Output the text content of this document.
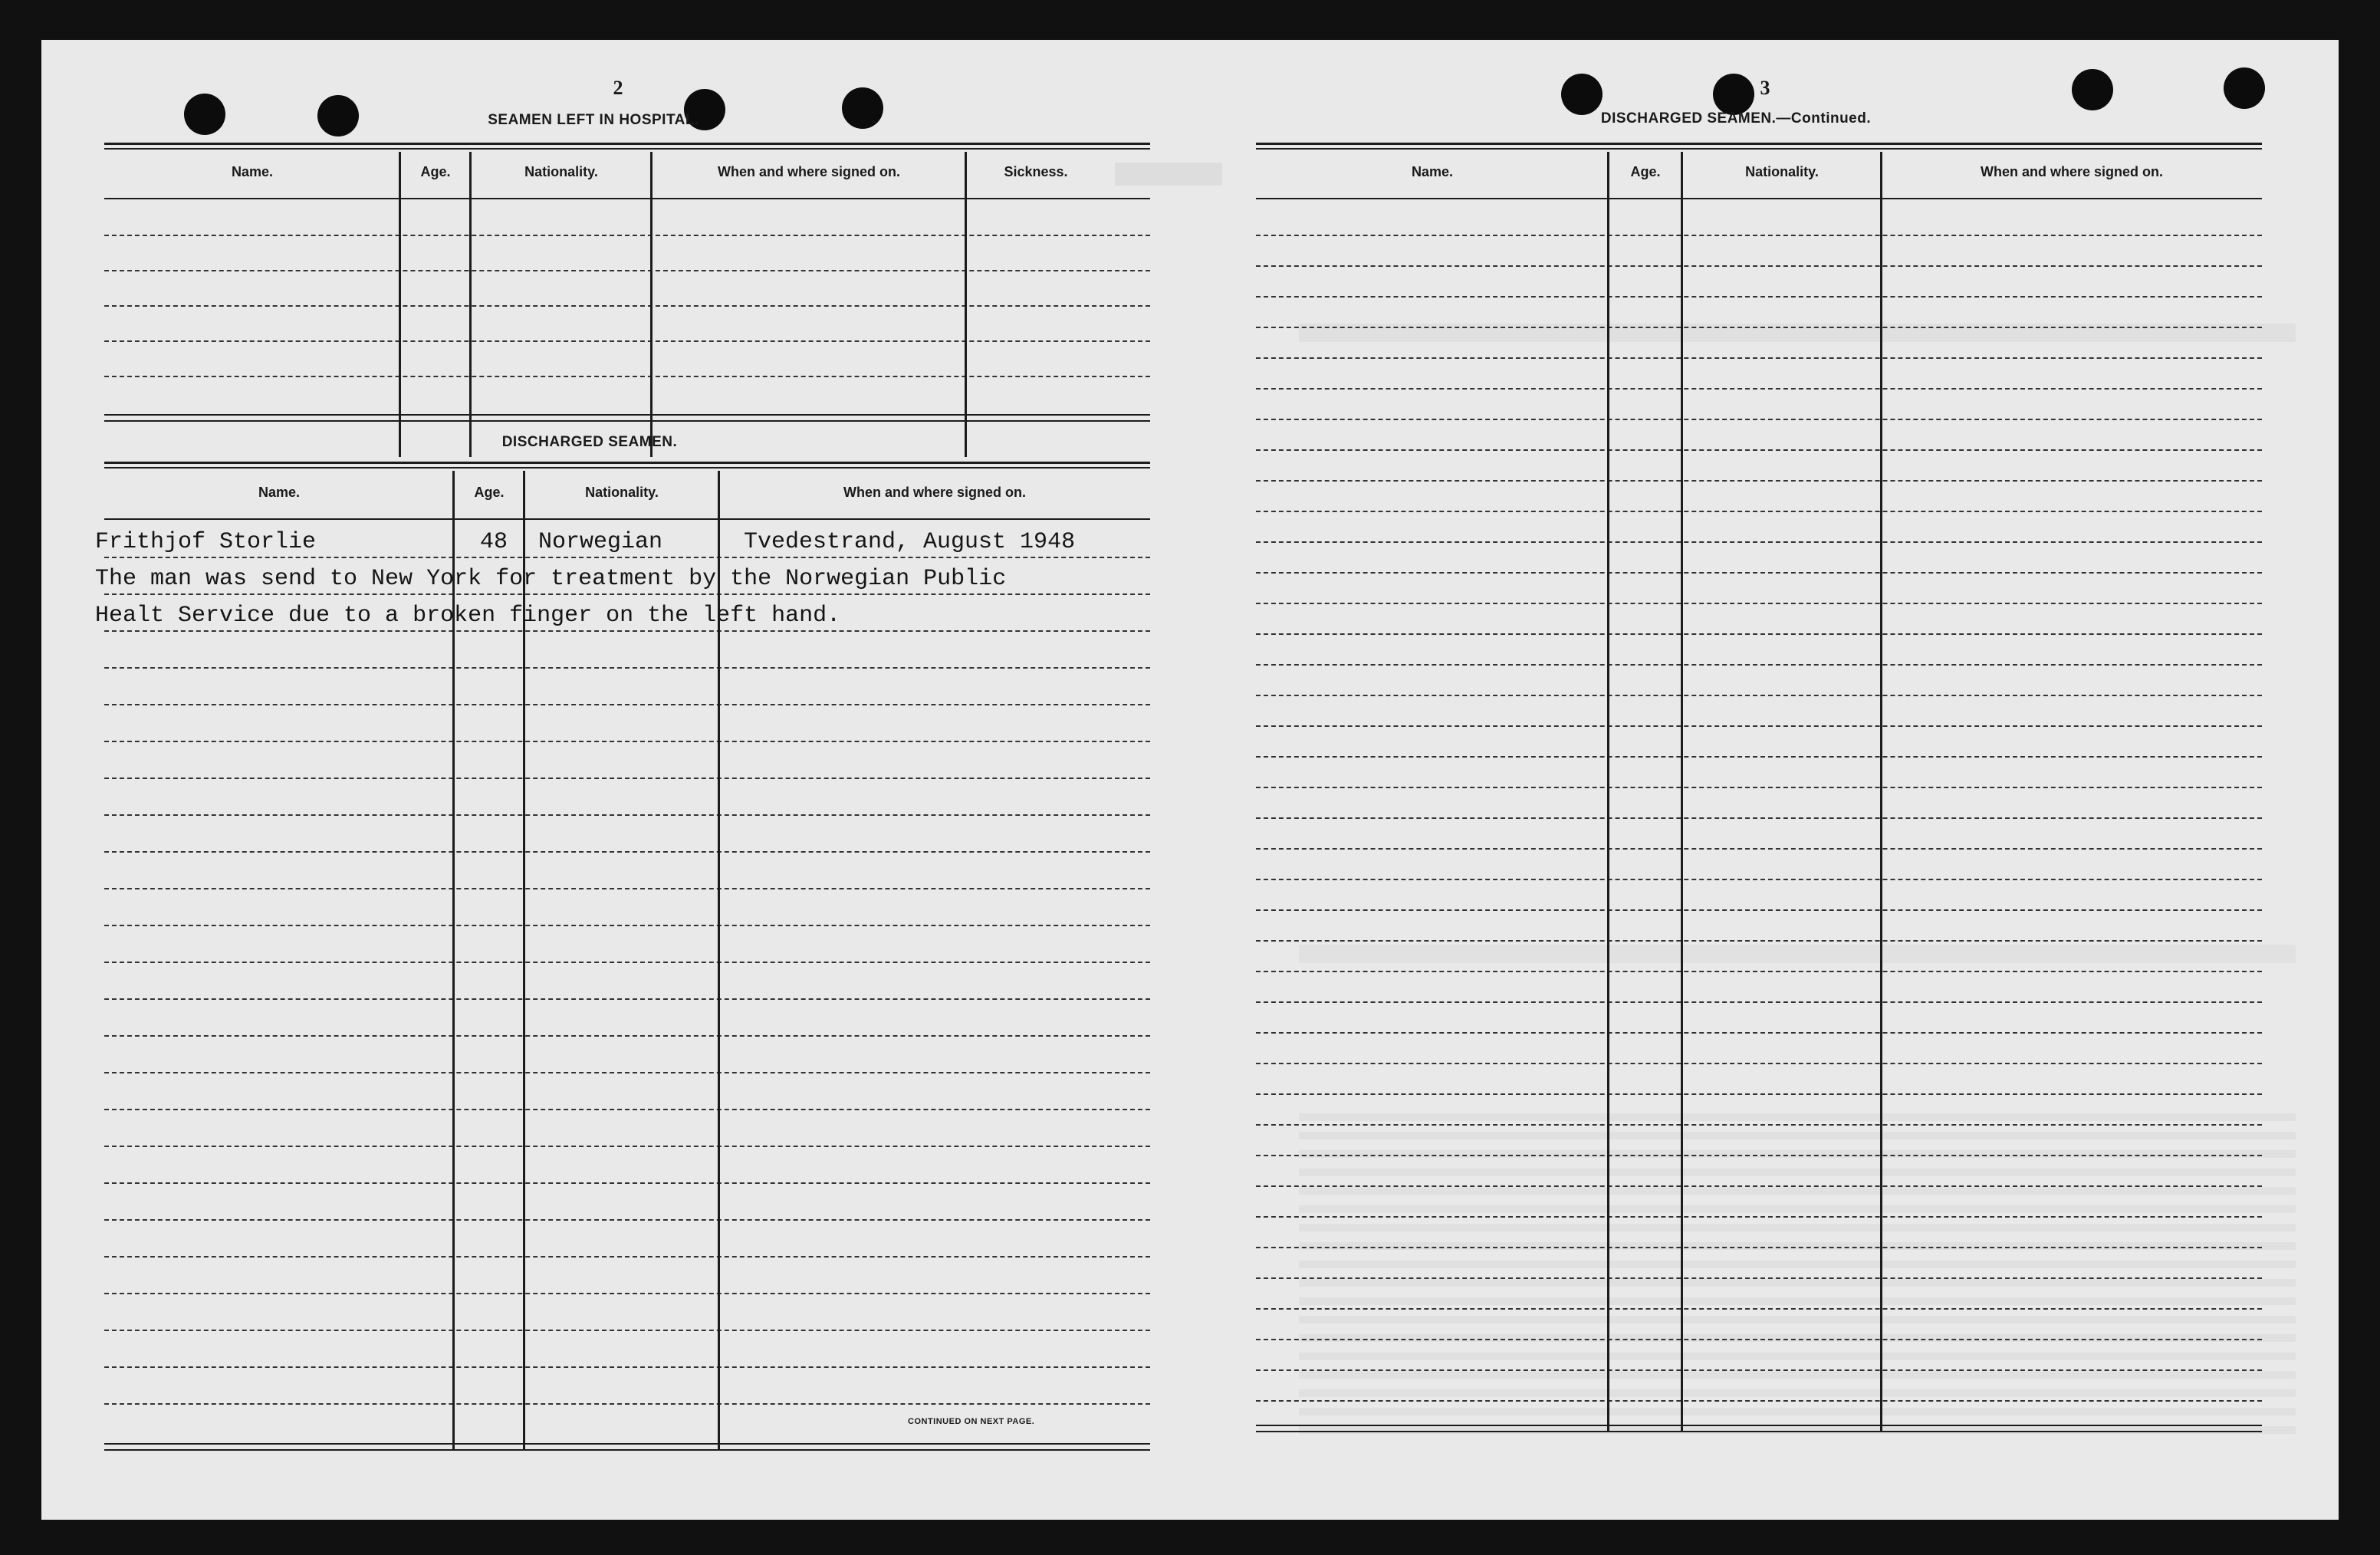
2
SEAMEN LEFT IN HOSPITAL.
Name.	Age.	Nationality.	When and where signed on.	Sickness.
DISCHARGED SEAMEN.
Name.	Age.	Nationality.	When and where signed on.
Frithjof Storlie	48 Norwegian	Tvedestrand, August 1948
The man was send to New York for treatment by the Norwegian Public
Healt Service due to a broken finger on the left hand.
CONTINUED ON NEXT PAGE.
3
DISCHARGED SEAMEN.—Continued.
Name.	Age.	Nationality.	When and where signed on.
